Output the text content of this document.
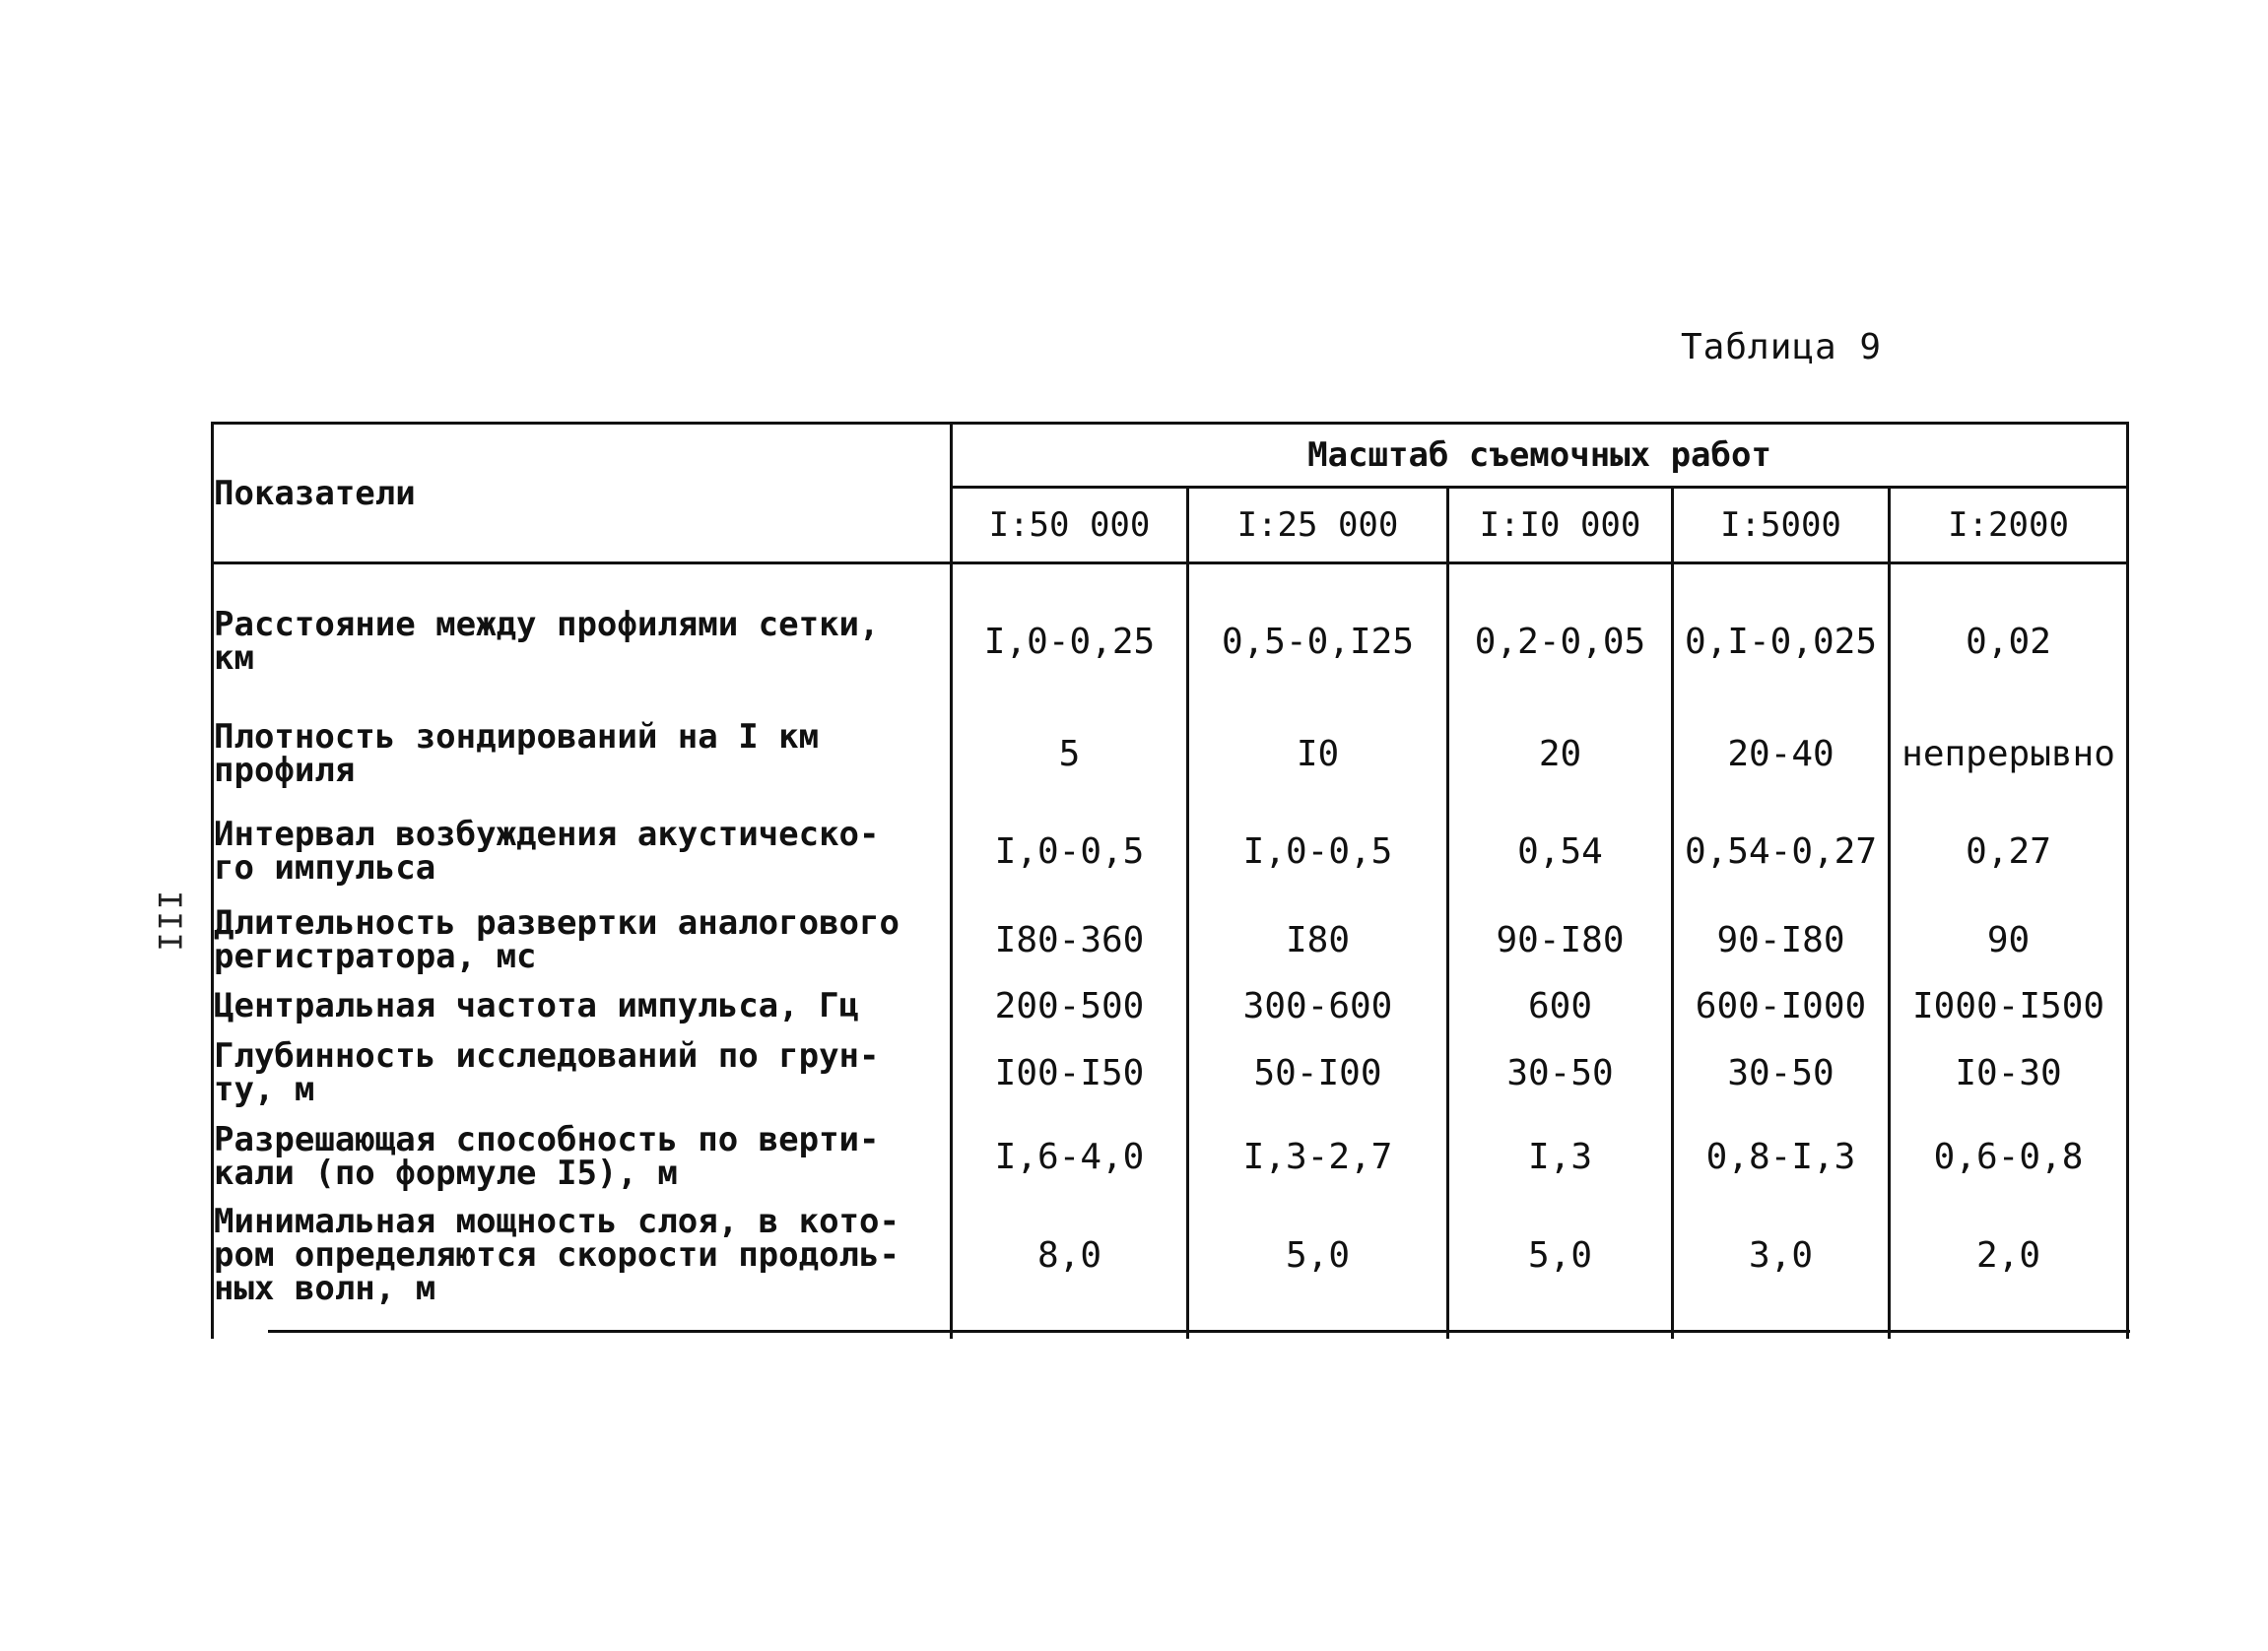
Таблица 9
III
Показатели	Масштаб съемочных работ				
	I:50 000	I:25 000	I:I0 000	I:5000	I:2000

Расстояние между профилями сетки,
км	I,0-0,25	0,5-0,I25	0,2-0,05	0,I-0,025	0,02

Плотность зондирований на I км
профиля	5	I0	20	20-40	непрерывно

Интервал возбуждения акустическо-
го импульса	I,0-0,5	I,0-0,5	0,54	0,54-0,27	0,27

Длительность развертки аналогового
регистратора, мс	I80-360	I80	90-I80	90-I80	90

Центральная частота импульса, Гц	200-500	300-600	600	600-I000	I000-I500

Глубинность исследований по грун-
ту, м	I00-I50	50-I00	30-50	30-50	I0-30

Разрешающая способность по верти-
кали (по формуле I5), м	I,6-4,0	I,3-2,7	I,3	0,8-I,3	0,6-0,8

Минимальная мощность слоя, в кото-
ром определяются скорости продоль-
ных волн, м	8,0	5,0	5,0	3,0	2,0
